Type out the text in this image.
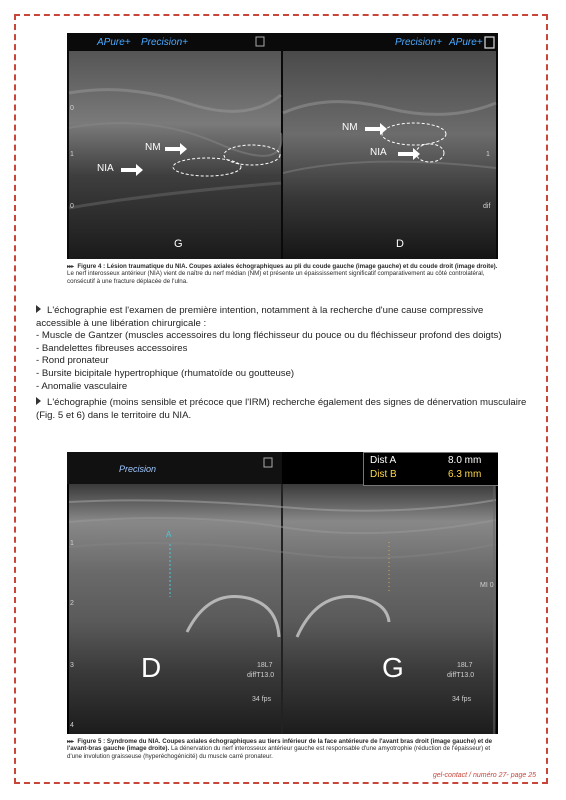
APure+ Precision+	Precision+ APure+
NM
NIA
NM
NIA
G	D
0
1
0
1
dif
▸▸▸ Figure 4 : Lésion traumatique du NIA. Coupes axiales échographiques au pli du coude gauche (image gauche) et du coude droit (image droite). Le nerf interosseux antérieur (NIA) vient de naître du nerf médian (NM) et présente un épaississement significatif comparativement au côté controlatéral, consécutif à une fracture déplacée de l'ulna.
L'échographie est l'examen de première intention, notamment à la recherche d'une cause compressive accessible à une libération chirurgicale :
- Muscle de Gantzer (muscles accessoires du long fléchisseur du pouce ou du fléchisseur profond des doigts)
- Bandelettes fibreuses accessoires
- Rond pronateur
- Bursite bicipitale hypertrophique (rhumatoïde ou goutteuse)
- Anomalie vasculaire
L'échographie (moins sensible et précoce que l'IRM) recherche également des signes de dénervation musculaire (Fig. 5 et 6) dans le territoire du NIA.
Precision
Dist A	8.0 mm
Dist B	6.3 mm
A
D	G
18L7
diffT13.0
34 fps
18L7
diffT13.0
34 fps
1
2
3
4
MI 0
▸▸▸ Figure 5 : Syndrome du NIA. Coupes axiales échographiques au tiers inférieur de la face antérieure de l'avant bras droit (image gauche) et de l'avant-bras gauche (image droite). La dénervation du nerf interosseux antérieur gauche est responsable d'une amyotrophie (réduction de l'épaisseur) et d'une involution graisseuse (hyperéchogénicité) du muscle carré pronateur.
gel-contact / numéro 27- page 25
